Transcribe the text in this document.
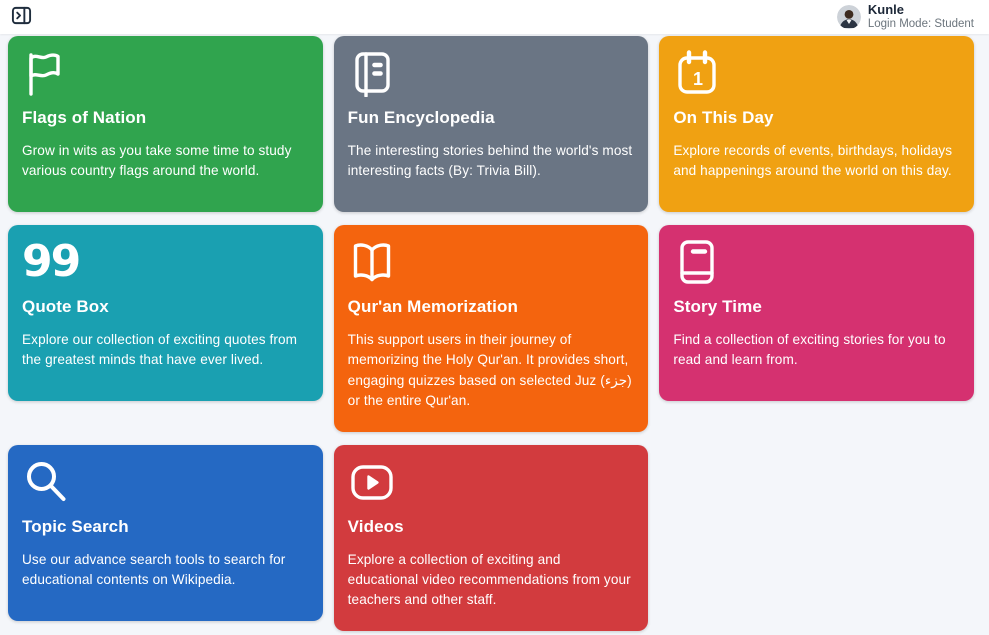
Kunle
Login Mode: Student
Flags of Nation

Grow in wits as you take some time to study various country flags around the world.

Fun Encyclopedia

The interesting stories behind the world's most interesting facts (By: Trivia Bill).

1
On This Day

Explore records of events, birthdays, holidays and happenings around the world on this day.

99
Quote Box

Explore our collection of exciting quotes from the greatest minds that have ever lived.

Qur'an Memorization

This support users in their journey of memorizing the Holy Qur'an. It provides short, engaging quizzes based on selected Juz (جزء) or the entire Qur'an.

Story Time

Find a collection of exciting stories for you to read and learn from.

Topic Search

Use our advance search tools to search for educational contents on Wikipedia.

Videos

Explore a collection of exciting and educational video recommendations from your teachers and other staff.
